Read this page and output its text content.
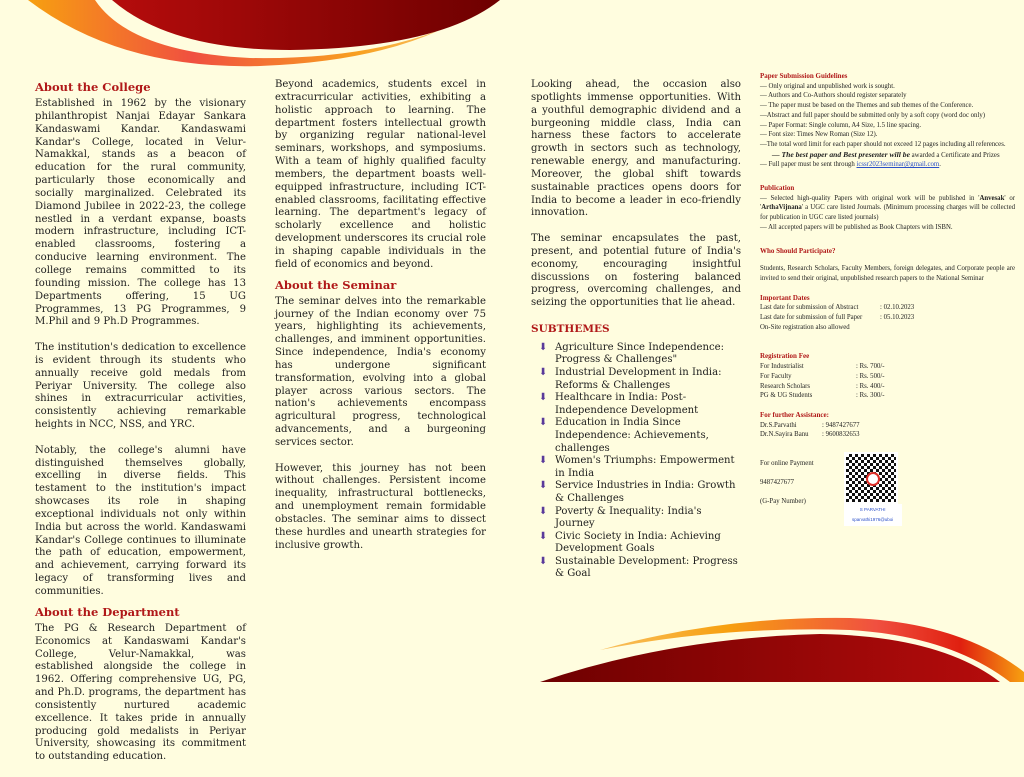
About the College

Established in 1962 by the visionary philanthropist Nanjai Edayar Sankara Kandaswami Kandar. Kandaswami Kandar's College, located in Velur-Namakkal, stands as a beacon of education for the rural community, particularly those economically and socially marginalized. Celebrated its Diamond Jubilee in 2022-23, the college nestled in a verdant expanse, boasts modern infrastructure, including ICT-enabled classrooms, fostering a conducive learning environment. The college remains committed to its founding mission. The college has 13 Departments offering, 15 UG Programmes, 13 PG Programmes, 9 M.Phil and 9 Ph.D Programmes.

The institution's dedication to excellence is evident through its students who annually receive gold medals from Periyar University. The college also shines in extracurricular activities, consistently achieving remarkable heights in NCC, NSS, and YRC.

Notably, the college's alumni have distinguished themselves globally, excelling in diverse fields. This testament to the institution's impact showcases its role in shaping exceptional individuals not only within India but across the world. Kandaswami Kandar's College continues to illuminate the path of education, empowerment, and achievement, carrying forward its legacy of transforming lives and communities.

About the Department

The PG & Research Department of Economics at Kandaswami Kandar's College, Velur-Namakkal, was established alongside the college in 1962. Offering comprehensive UG, PG, and Ph.D. programs, the department has consistently nurtured academic excellence. It takes pride in annually producing gold medalists in Periyar University, showcasing its commitment to outstanding education.

Beyond academics, students excel in extracurricular activities, exhibiting a holistic approach to learning. The department fosters intellectual growth by organizing regular national-level seminars, workshops, and symposiums. With a team of highly qualified faculty members, the department boasts well-equipped infrastructure, including ICT-enabled classrooms, facilitating effective learning. The department's legacy of scholarly excellence and holistic development underscores its crucial role in shaping capable individuals in the field of economics and beyond.

About the Seminar

The seminar delves into the remarkable journey of the Indian economy over 75 years, highlighting its achievements, challenges, and imminent opportunities. Since independence, India's economy has undergone significant transformation, evolving into a global player across various sectors. The nation's achievements encompass agricultural progress, technological advancements, and a burgeoning services sector.

However, this journey has not been without challenges. Persistent income inequality, infrastructural bottlenecks, and unemployment remain formidable obstacles. The seminar aims to dissect these hurdles and unearth strategies for inclusive growth.

Looking ahead, the occasion also spotlights immense opportunities. With a youthful demographic dividend and a burgeoning middle class, India can harness these factors to accelerate growth in sectors such as technology, renewable energy, and manufacturing. Moreover, the global shift towards sustainable practices opens doors for India to become a leader in eco-friendly innovation.

The seminar encapsulates the past, present, and potential future of India's economy, encouraging insightful discussions on fostering balanced progress, overcoming challenges, and seizing the opportunities that lie ahead.

SUBTHEMES
⬇ Agriculture Since Independence: Progress & Challenges"
⬇ Industrial Development in India: Reforms & Challenges
⬇ Healthcare in India: Post-Independence Development
⬇ Education in India Since Independence: Achievements, challenges
⬇ Women's Triumphs: Empowerment in India
⬇ Service Industries in India: Growth & Challenges
⬇ Poverty & Inequality: India's Journey
⬇ Civic Society in India: Achieving Development Goals
⬇ Sustainable Development: Progress & Goal
Paper Submission Guidelines
— Only original and unpublished work is sought.
— Authors and Co-Authors should register separately
— The paper must be based on the Themes and sub themes of the Conference.
—Abstract and full paper should be submitted only by a soft copy (word doc only)
— Paper Format: Single column, A4 Size, 1.5 line spacing.
— Font size: Times New Roman (Size 12).
—The total word limit for each paper should not exceed 12 pages including all references.
— The best paper and Best presenter will be awarded a Certificate and Prizes
— Full paper must be sent through icssr2023seminar@gmail.com.
Publication
— Selected high-quality Papers with original work will be published in 'Anvesak' or 'ArthaVijnana' a UGC care listed Journals. (Minimum processing charges will be collected for publication in UGC care listed journals)
— All accepted papers will be published as Book Chapters with ISBN.
Who Should Participate?
Students, Research Scholars, Faculty Members, foreign delegates, and Corporate people are invited to send their original, unpublished research papers to the National Seminar
Important Dates
Last date for submission of Abstract	: 02.10.2023
Last date for submission of full Paper	: 05.10.2023
On-Site registration also allowed
Registration Fee
For Industrialist	: Rs. 700/-
For Faculty	: Rs. 500/-
Research Scholars	: Rs. 400/-
PG & UG Students	: Rs. 300/-
For further Assistance:
Dr.S.Parvathi	: 9487427677
Dr.N.Sayira Banu	: 9600832653
For online Payment
9487427677
(G-Pay Number)
S PARVATHI
sparvathi1976@uboi
